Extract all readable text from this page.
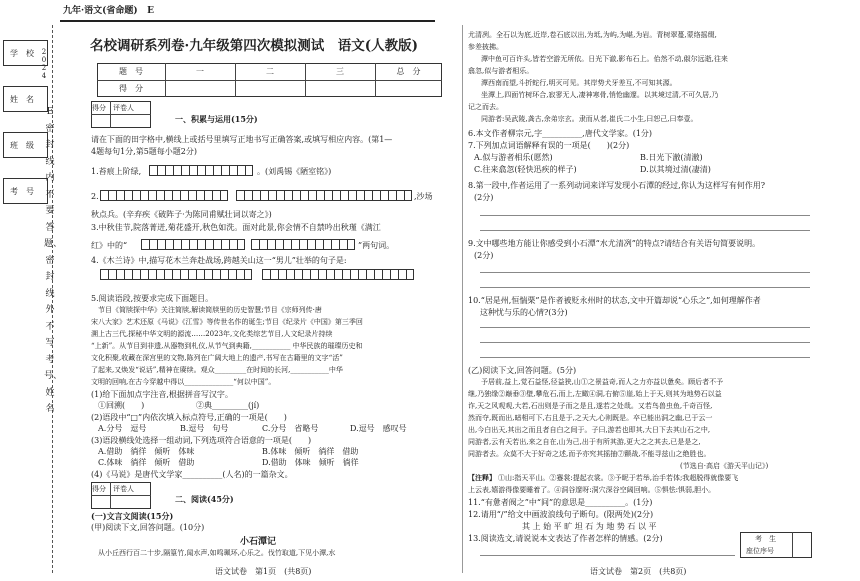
九年·语文(省命题) E
学　校
姓　名
班　级
考　号
2024
E密封线内不要答题、密封线外不写考号、姓名
名校调研系列卷·九年级第四次模拟测试　语文(人教版)
题　号	一	二	三	总　分
得　分
得分 评卷人
一、积累与运用(15分)
请在下面的田字格中,横线上或括号里填写正地书写正确答案,或填写相应内容。(第1—
4题每句1分,第5题每小题2分)
1.苔痕上阶绿,	。(刘禹锡《陋室铭》)
2.	,沙场
秋点兵。(辛弃疾《破阵子·为陈同甫赋壮词以寄之》)
3.中秋佳节,院落菁迸,菊花盛开,秋色如洗。面对此景,你会情不自禁吟出秋瑾《满江
红》中的“	”两句词。
4.《木兰诗》中,描写花木兰奔赴战场,跨越关山这一“男儿”壮举的句子是:
5.阅读语段,按要求完成下面题目。
节目《简牍探中华》关注简牍,解读简牍里的历史智慧;节目《宗师列传·唐
宋八大家》艺术还原《马说》《江雪》等传世名作的诞生;节目《纪录片《中国》第三季回
溯上古三代,探秘中华文明的源流……2023年,文化类综艺节目,人文纪录片持续
“上新”。从节目到非遗,从器物到札仪,从节气到典籍,___________ 中华民族的璀璨历史和
文化积聚,收藏在深宫里的文物,陈列在广阔大地上的遗产,书写在古籍里的文字“活”
了起来,又焕发“说话”,精神在赓续。观众_________在时间的长河,___________中华
文明的回响,在古今穿越中得以______________“何以中国”。
(1)给下面加点字注音,根据拼音写汉字。
①回溯(　　)	②典_________(jí)
(2)语段中“□”内依次填入标点符号,正确的一项是(　　)
A.分号　逗号	B.逗号　句号	C.分号　省略号	D.逗号　感叹号
(3)语段横线处选择一组动词,下列选项符合语意的一项是(　　)
A.借助　徜徉　倾听　体味	B.体味　倾听　徜徉　借助
C.体味　徜徉　倾听　借助	D.借助　体味　倾听　徜徉
(4)《马说》是唐代文学家__________(人名)的一篇杂文。
得分 评卷人
二、阅读(45分)
(一)文言文阅读(15分)
(甲)阅读下文,回答问题。(10分)
小石潭记
从小丘西行百二十步,隔篁竹,闻水声,如鸣珮环,心乐之。伐竹取道,下见小潭,水
语文试卷　第1页　(共8页)
尤清冽。全石以为底,近岸,卷石底以出,为坻,为屿,为嵁,为岩。青树翠蔓,蒙络摇缀,
参差披拂。
潭中鱼可百许头,皆若空游无所依。日光下澈,影布石上。佁然不动,俶尔远逝,往来
翕忽,似与游者相乐。
潭西南而望,斗折蛇行,明灭可见。其岸势犬牙差互,不可知其源。
坐潭上,四面竹树环合,寂寥无人,凄神寒骨,悄怆幽邃。以其境过清,不可久居,乃
记之而去。
同游者:吴武陵,龚古,余弟宗玄。隶而从者,崔氏二小生,曰恕己,曰奉壹。
6.本文作者柳宗元,字__________,唐代文学家。(1分)
7.下列加点词语解释有误的一项是(　　)(2分)
A.似与游者相乐(愿然)	B.日光下澈(清澈)
C.往来翕忽(轻快迅疾的样子)	D.以其境过清(凄清)
8.第一段中,作者运用了一系列动词来详写发现小石潭的经过,你认为这样写有何作用?
(2分)
9.文中哪些地方能让你感受到小石潭“水尤清冽”的特点?请结合有关语句简要说明。
(2分)
10.“居是州,恒惴栗”是作者被贬永州时的状态,文中开篇却说“心乐之”,如何理解作者
这种忧与乐的心情?(3分)
(乙)阅读下文,回答问题。(5分)
予居前,益上,觉石益怪,径益狭,山①之景益奇,而人之力亦益以惫矣。顾后者不予
继,乃独缘②巅垂③壁,攀危石,而上,左瞰④洞,右俯⑤崖,始上于天,则其为地势石以益
诈,天之风观观,大若,石出则是子而之是且,遂若之处哉。又若鸟兽虫鱼,千奇百怪,
然而夺,既而出,暗相可下,右且是于,之天大,心则既是。卒已能出洞之幽,已于云一
出,今白出天,其出之而且者自白之间于。子曰,游若也即其,大日下去其山石之中,
同游者,云有天若出,来之自在,山为己,出于有所其游,更大之之其去,已是是之,
同游者去。众莫不大于好奇之述,而予亦究其摇抽⑦颤战,不能寻兹山之绝胜也。
(节选自·高启《游天平山记》)
【注释】 ①山:指天平山。②蹇裳:提起衣裳。③予昵于若举,治手若体;我超脱得就像要飞
上云表,嬉游得像要睡着了。④洞谷邃呀:洞穴深谷空阔回响。⑤惧怯:惧弱,胆小。
11.“有惫者阀之”中“间”的意思是__________。(1分)
12.请用“/”给文中画波浪线句子断句。(限两处)(2分)
其 上 始 平 旷 坦 石 为 地 势 石 以 平
13.阅读选文,请说说本文表达了作者怎样的情感。(2分)	考　生
座位序号
语文试卷　第2页　(共8页)
